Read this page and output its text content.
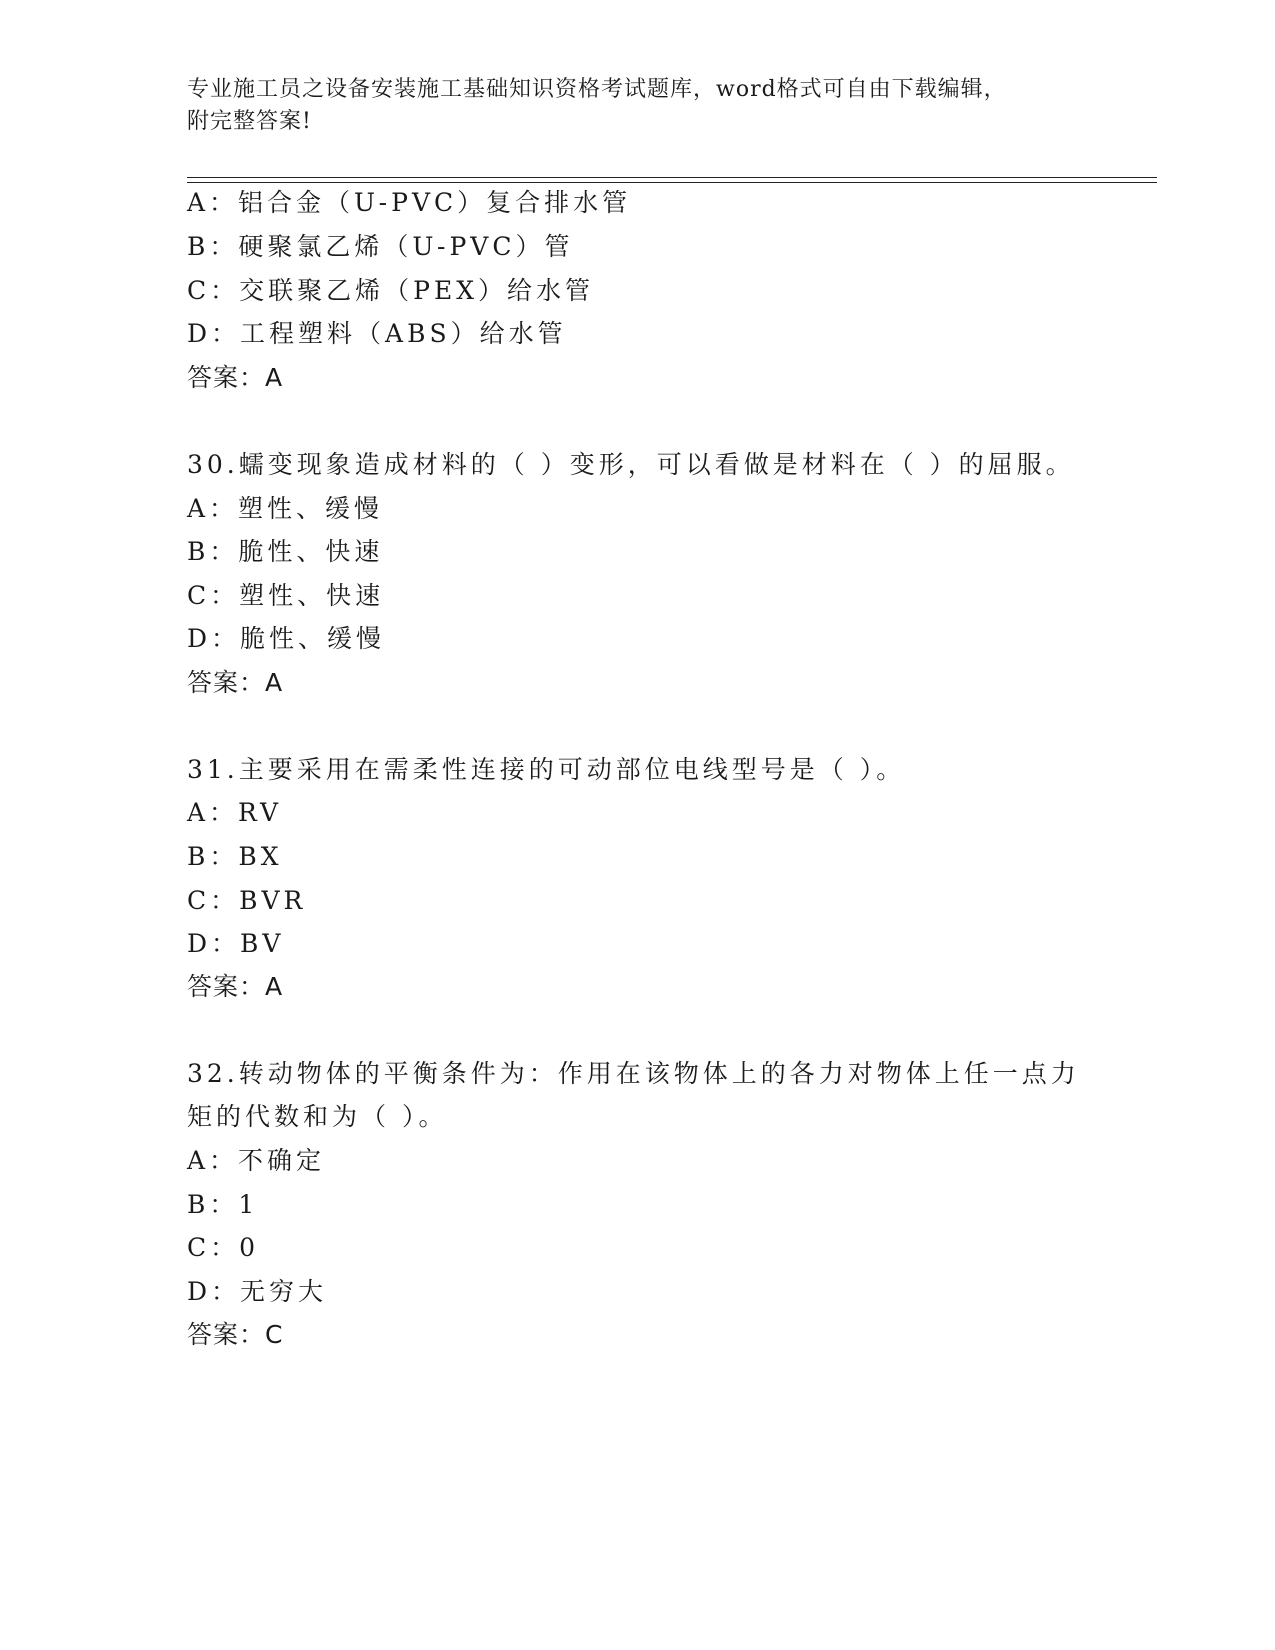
专业施工员之设备安装施工基础知识资格考试题库，word格式可自由下载编辑，
附完整答案!
A：铝合金（U-PVC）复合排水管
B：硬聚氯乙烯（U-PVC）管
C：交联聚乙烯（PEX）给水管
D：工程塑料（ABS）给水管
答案：A
30.蠕变现象造成材料的（ ）变形，可以看做是材料在（ ）的屈服。
A：塑性、缓慢
B：脆性、快速
C：塑性、快速
D：脆性、缓慢
答案：A
31.主要采用在需柔性连接的可动部位电线型号是（ ）。
A：RV
B：BX
C：BVR
D：BV
答案：A
32.转动物体的平衡条件为：作用在该物体上的各力对物体上任一点力
矩的代数和为（ ）。
A：不确定
B：1
C：0
D：无穷大
答案：C
